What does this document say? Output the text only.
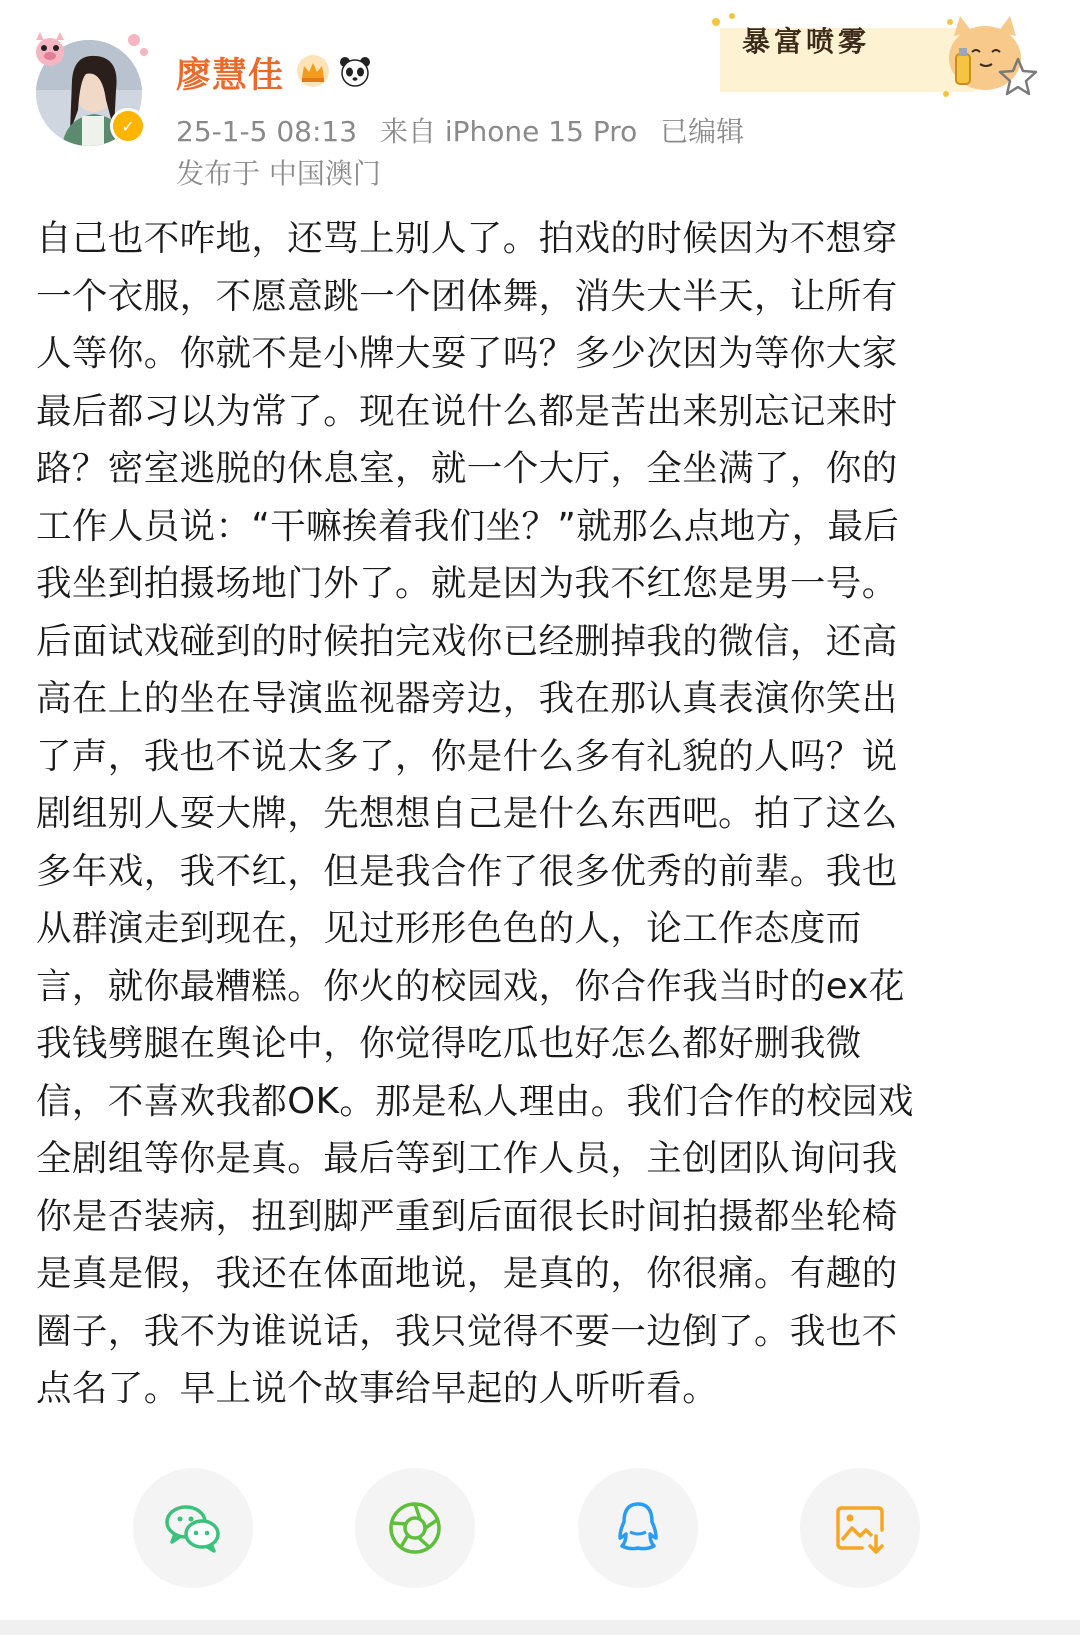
✓
廖慧佳
25-1-5 08:13 来自 iPhone 15 Pro 已编辑
发布于 中国澳门
暴富喷雾
自己也不咋地，还骂上别人了。拍戏的时候因为不想穿
一个衣服，不愿意跳一个团体舞，消失大半天，让所有
人等你。你就不是小牌大耍了吗？多少次因为等你大家
最后都习以为常了。现在说什么都是苦出来别忘记来时
路？密室逃脱的休息室，就一个大厅，全坐满了，你的
工作人员说：“干嘛挨着我们坐？”就那么点地方，最后
我坐到拍摄场地门外了。就是因为我不红您是男一号。
后面试戏碰到的时候拍完戏你已经删掉我的微信，还高
高在上的坐在导演监视器旁边，我在那认真表演你笑出
了声，我也不说太多了，你是什么多有礼貌的人吗？说
剧组别人耍大牌，先想想自己是什么东西吧。拍了这么
多年戏，我不红，但是我合作了很多优秀的前辈。我也
从群演走到现在，见过形形色色的人，论工作态度而
言，就你最糟糕。你火的校园戏，你合作我当时的ex花
我钱劈腿在舆论中，你觉得吃瓜也好怎么都好删我微
信，不喜欢我都OK。那是私人理由。我们合作的校园戏
全剧组等你是真。最后等到工作人员，主创团队询问我
你是否装病，扭到脚严重到后面很长时间拍摄都坐轮椅
是真是假，我还在体面地说，是真的，你很痛。有趣的
圈子，我不为谁说话，我只觉得不要一边倒了。我也不
点名了。早上说个故事给早起的人听听看。
